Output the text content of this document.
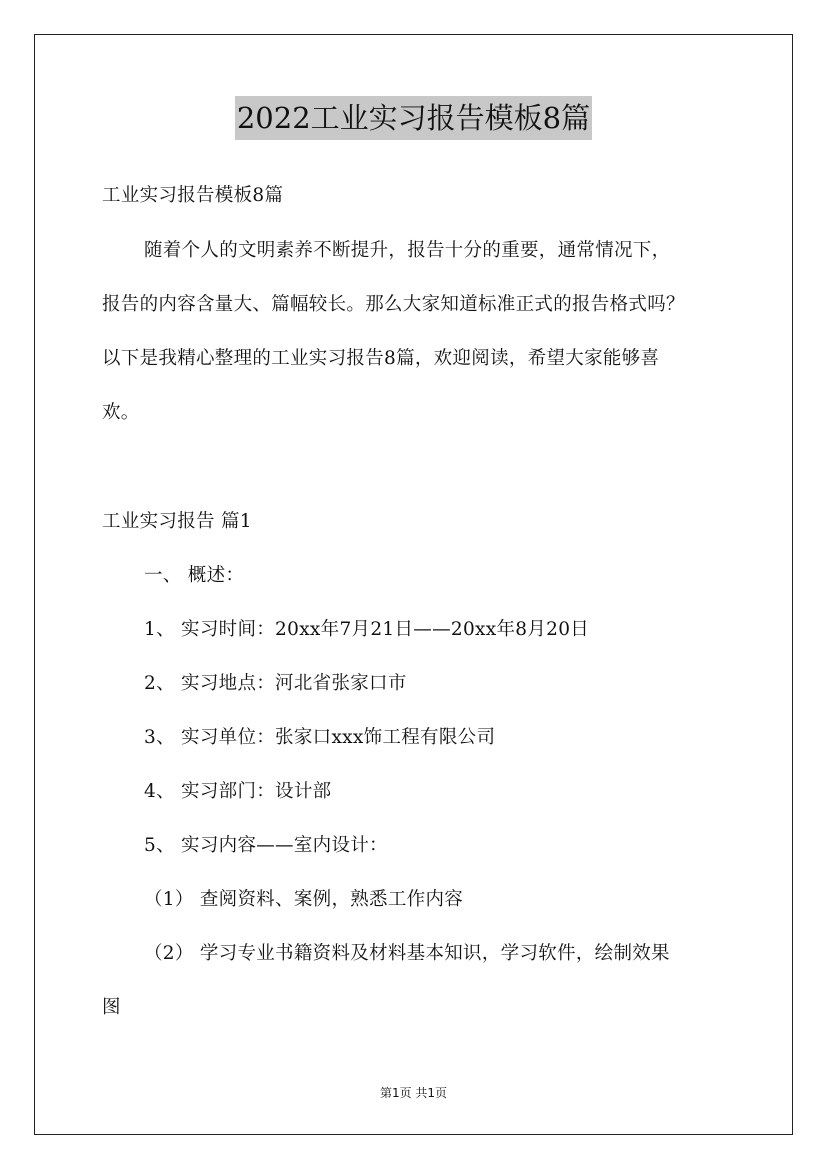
2022工业实习报告模板8篇
工业实习报告模板8篇
随着个人的文明素养不断提升，报告十分的重要，通常情况下，
报告的内容含量大、篇幅较长。那么大家知道标准正式的报告格式吗？
以下是我精心整理的工业实习报告8篇，欢迎阅读，希望大家能够喜
欢。
工业实习报告 篇1
一、 概述：
1、 实习时间：20xx年7月21日——20xx年8月20日
2、 实习地点：河北省张家口市
3、 实习单位：张家口xxx饰工程有限公司
4、 实习部门：设计部
5、 实习内容——室内设计：
（1） 查阅资料、案例，熟悉工作内容
（2） 学习专业书籍资料及材料基本知识，学习软件，绘制效果
图
第1页 共1页
